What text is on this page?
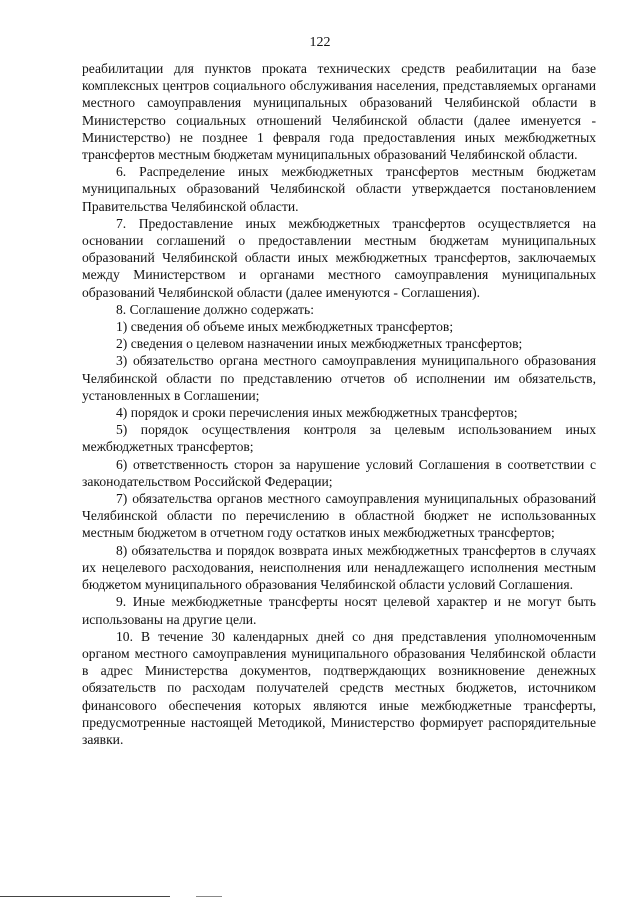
122

реабилитации для пунктов проката технических средств реабилитации на базе комплексных центров социального обслуживания населения, представляемых органами местного самоуправления муниципальных образований Челябинской области в Министерство социальных отношений Челябинской области (далее именуется - Министерство) не позднее 1 февраля года предоставления иных межбюджетных трансфертов местным бюджетам муниципальных образований Челябинской области.

6. Распределение иных межбюджетных трансфертов местным бюджетам муниципальных образований Челябинской области утверждается постановлением Правительства Челябинской области.

7. Предоставление иных межбюджетных трансфертов осуществляется на основании соглашений о предоставлении местным бюджетам муниципальных образований Челябинской области иных межбюджетных трансфертов, заключаемых между Министерством и органами местного самоуправления муниципальных образований Челябинской области (далее именуются - Соглашения).

8. Соглашение должно содержать:

1) сведения об объеме иных межбюджетных трансфертов;

2) сведения о целевом назначении иных межбюджетных трансфертов;

3) обязательство органа местного самоуправления муниципального образования Челябинской области по представлению отчетов об исполнении им обязательств, установленных в Соглашении;

4) порядок и сроки перечисления иных межбюджетных трансфертов;

5) порядок осуществления контроля за целевым использованием иных межбюджетных трансфертов;

6) ответственность сторон за нарушение условий Соглашения в соответствии с законодательством Российской Федерации;

7) обязательства органов местного самоуправления муниципальных образований Челябинской области по перечислению в областной бюджет не использованных местным бюджетом в отчетном году остатков иных межбюджетных трансфертов;

8) обязательства и порядок возврата иных межбюджетных трансфертов в случаях их нецелевого расходования, неисполнения или ненадлежащего исполнения местным бюджетом муниципального образования Челябинской области условий Соглашения.

9. Иные межбюджетные трансферты носят целевой характер и не могут быть использованы на другие цели.

10. В течение 30 календарных дней со дня представления уполномоченным органом местного самоуправления муниципального образования Челябинской области в адрес Министерства документов, подтверждающих возникновение денежных обязательств по расходам получателей средств местных бюджетов, источником финансового обеспечения которых являются иные межбюджетные трансферты, предусмотренные настоящей Методикой, Министерство формирует распорядительные заявки.
